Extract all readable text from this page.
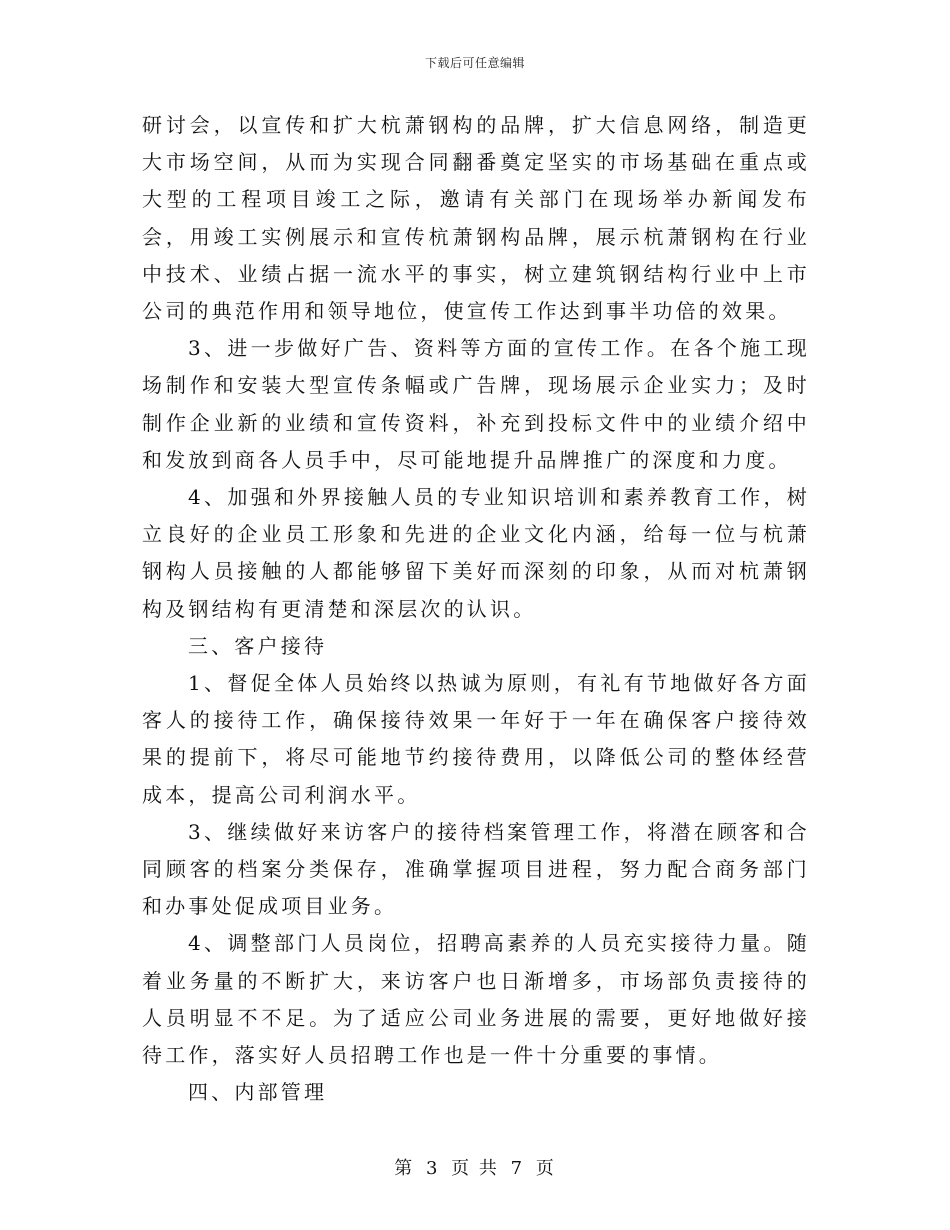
下载后可任意编辑

研讨会，以宣传和扩大杭萧钢构的品牌，扩大信息网络，制造更大市场空间，从而为实现合同翻番奠定坚实的市场基础在重点或大型的工程项目竣工之际，邀请有关部门在现场举办新闻发布会，用竣工实例展示和宣传杭萧钢构品牌，展示杭萧钢构在行业中技术、业绩占据一流水平的事实，树立建筑钢结构行业中上市公司的典范作用和领导地位，使宣传工作达到事半功倍的效果。

3、进一步做好广告、资料等方面的宣传工作。在各个施工现场制作和安装大型宣传条幅或广告牌，现场展示企业实力；及时制作企业新的业绩和宣传资料，补充到投标文件中的业绩介绍中和发放到商各人员手中，尽可能地提升品牌推广的深度和力度。

4、加强和外界接触人员的专业知识培训和素养教育工作，树立良好的企业员工形象和先进的企业文化内涵，给每一位与杭萧钢构人员接触的人都能够留下美好而深刻的印象，从而对杭萧钢构及钢结构有更清楚和深层次的认识。

三、客户接待

1、督促全体人员始终以热诚为原则，有礼有节地做好各方面客人的接待工作，确保接待效果一年好于一年在确保客户接待效果的提前下，将尽可能地节约接待费用，以降低公司的整体经营成本，提高公司利润水平。

3、继续做好来访客户的接待档案管理工作，将潜在顾客和合同顾客的档案分类保存，准确掌握项目进程，努力配合商务部门和办事处促成项目业务。

4、调整部门人员岗位，招聘高素养的人员充实接待力量。随着业务量的不断扩大，来访客户也日渐增多，市场部负责接待的人员明显不不足。为了适应公司业务进展的需要，更好地做好接待工作，落实好人员招聘工作也是一件十分重要的事情。

四、内部管理

第 3 页 共 7 页
